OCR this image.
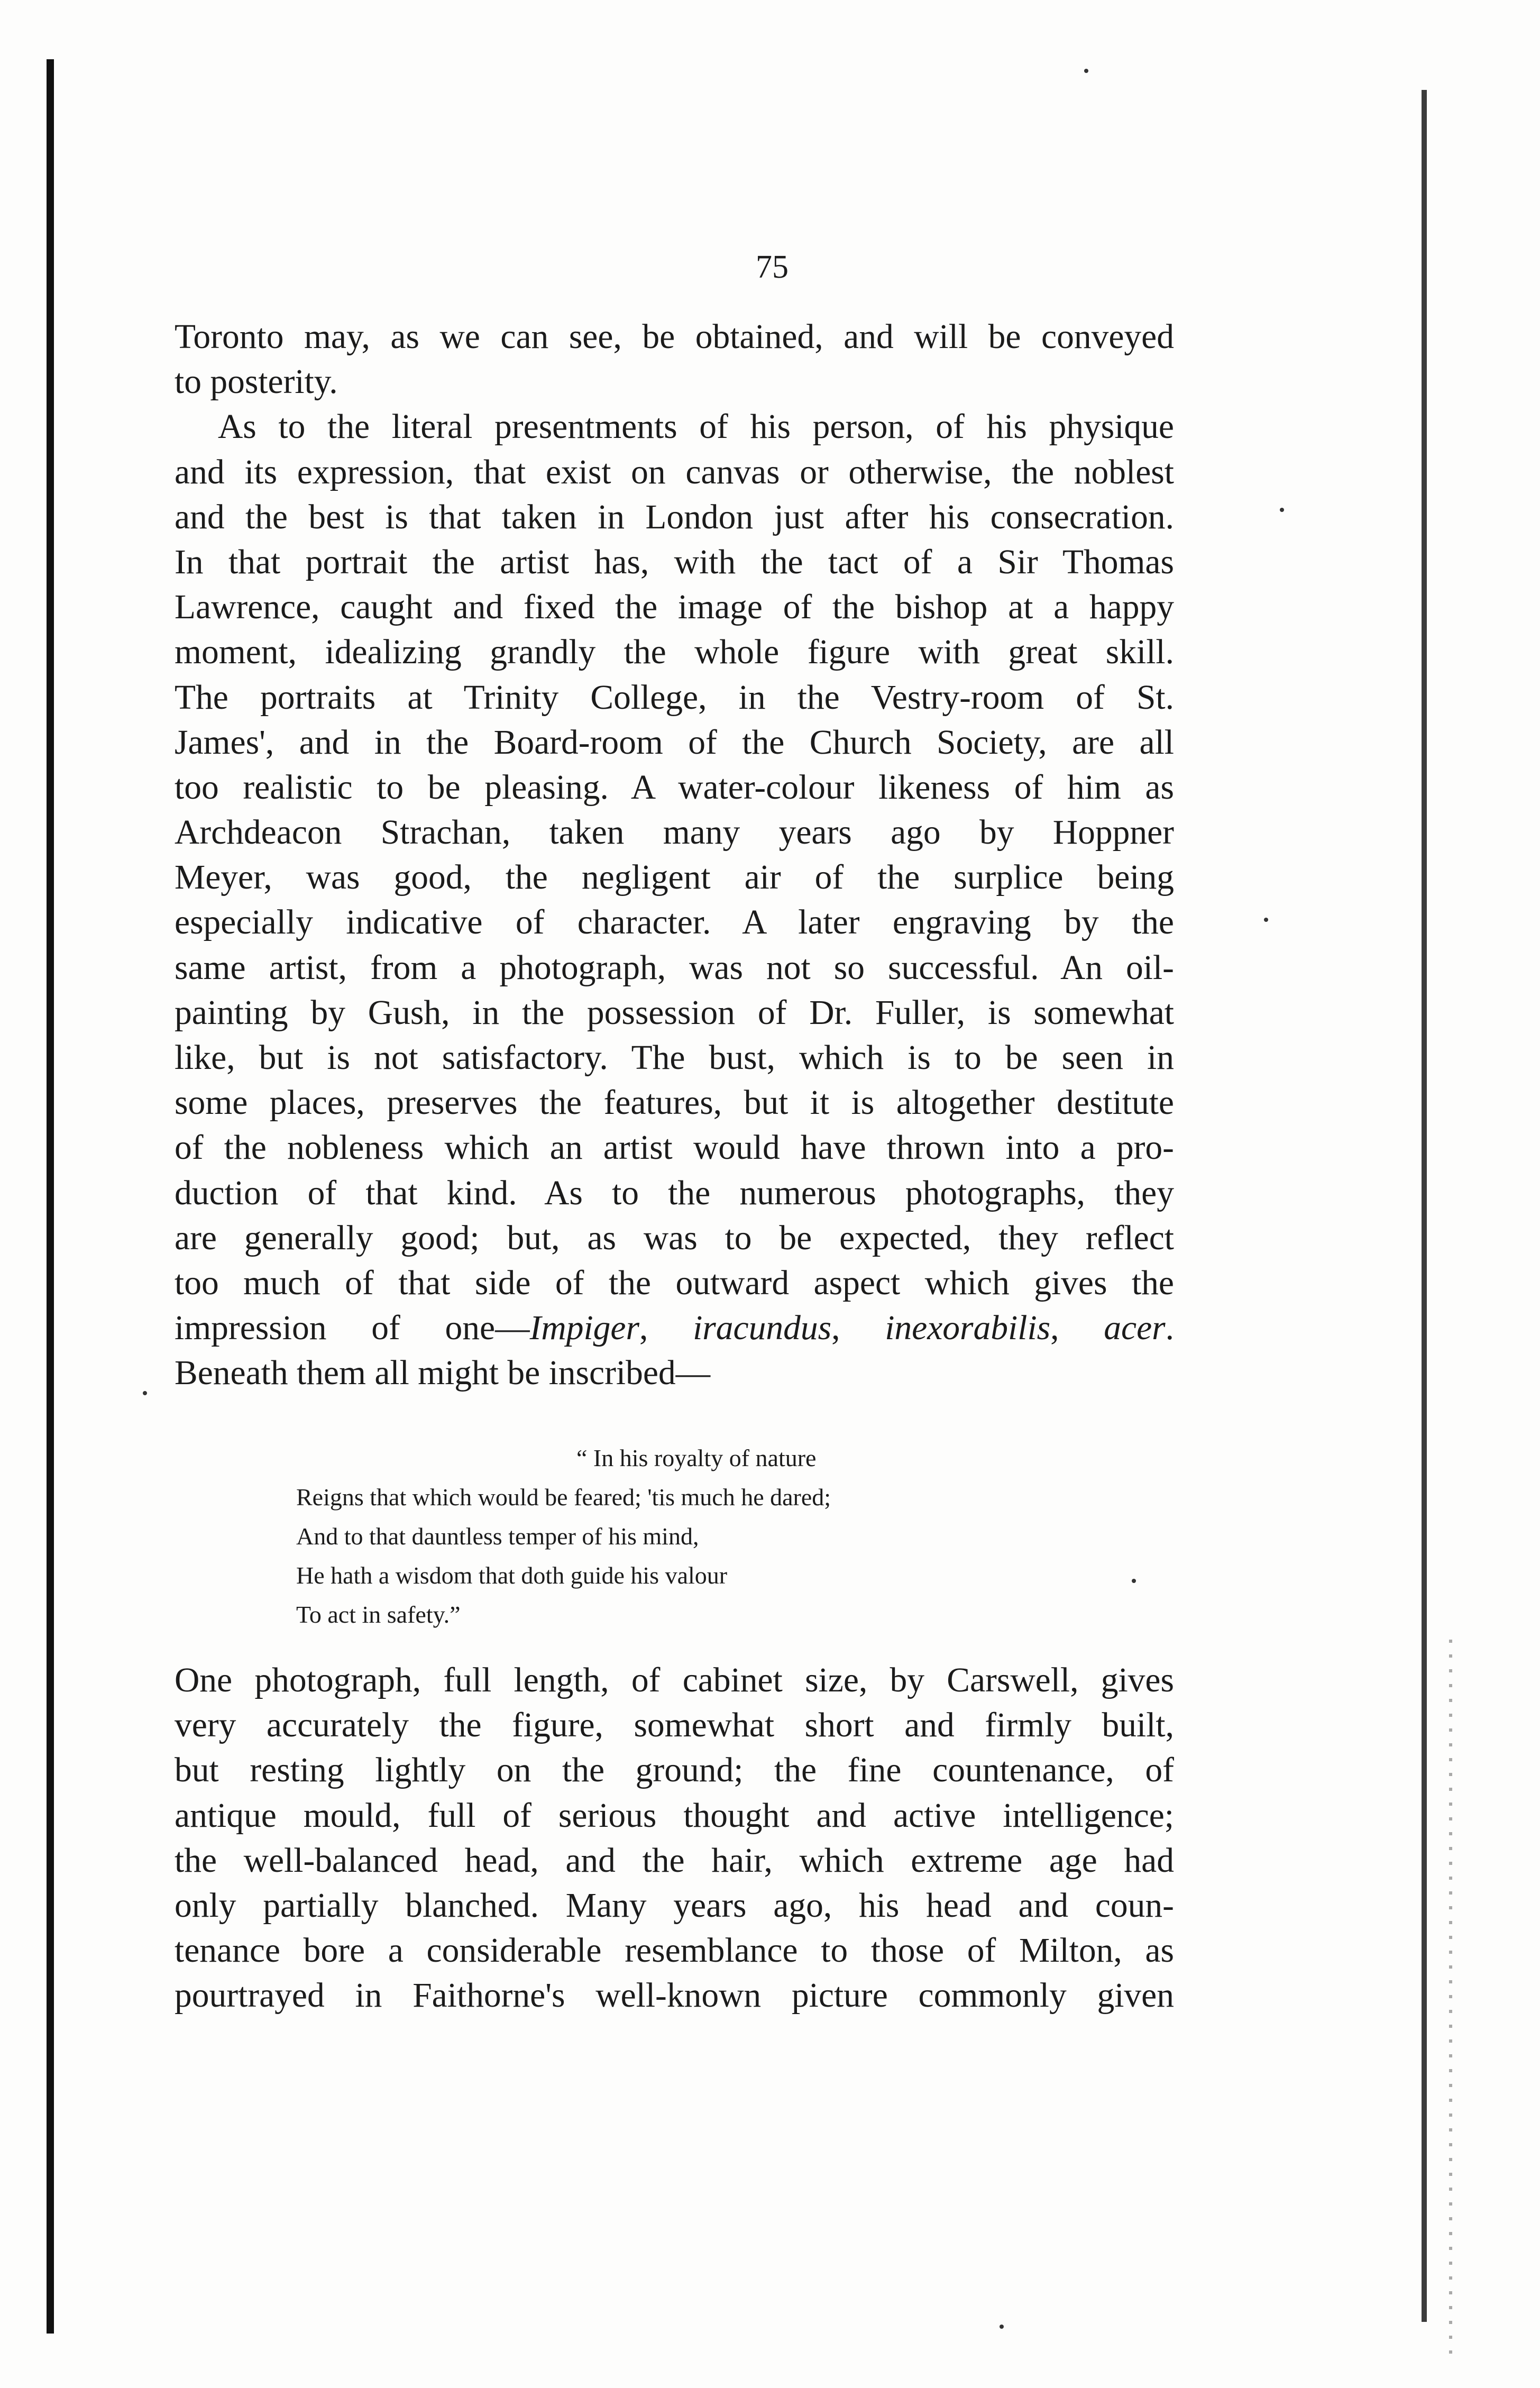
75
Toronto may, as we can see, be obtained, and will be conveyed
to posterity.
As to the literal presentments of his person, of his physique
and its expression, that exist on canvas or otherwise, the noblest
and the best is that taken in London just after his consecration.
In that portrait the artist has, with the tact of a Sir Thomas
Lawrence, caught and fixed the image of the bishop at a happy
moment, idealizing grandly the whole figure with great skill.
The portraits at Trinity College, in the Vestry-room of St.
James', and in the Board-room of the Church Society, are all
too realistic to be pleasing. A water-colour likeness of him as
Archdeacon Strachan, taken many years ago by Hoppner
Meyer, was good, the negligent air of the surplice being
especially indicative of character. A later engraving by the
same artist, from a photograph, was not so successful. An oil-
painting by Gush, in the possession of Dr. Fuller, is somewhat
like, but is not satisfactory. The bust, which is to be seen in
some places, preserves the features, but it is altogether destitute
of the nobleness which an artist would have thrown into a pro-
duction of that kind. As to the numerous photographs, they
are generally good; but, as was to be expected, they reflect
too much of that side of the outward aspect which gives the
impression of one—Impiger, iracundus, inexorabilis, acer.
Beneath them all might be inscribed—
“ In his royalty of nature
Reigns that which would be feared; 'tis much he dared;
And to that dauntless temper of his mind,
He hath a wisdom that doth guide his valour
To act in safety.”
One photograph, full length, of cabinet size, by Carswell, gives
very accurately the figure, somewhat short and firmly built,
but resting lightly on the ground; the fine countenance, of
antique mould, full of serious thought and active intelligence;
the well-balanced head, and the hair, which extreme age had
only partially blanched. Many years ago, his head and coun-
tenance bore a considerable resemblance to those of Milton, as
pourtrayed in Faithorne's well-known picture commonly given
